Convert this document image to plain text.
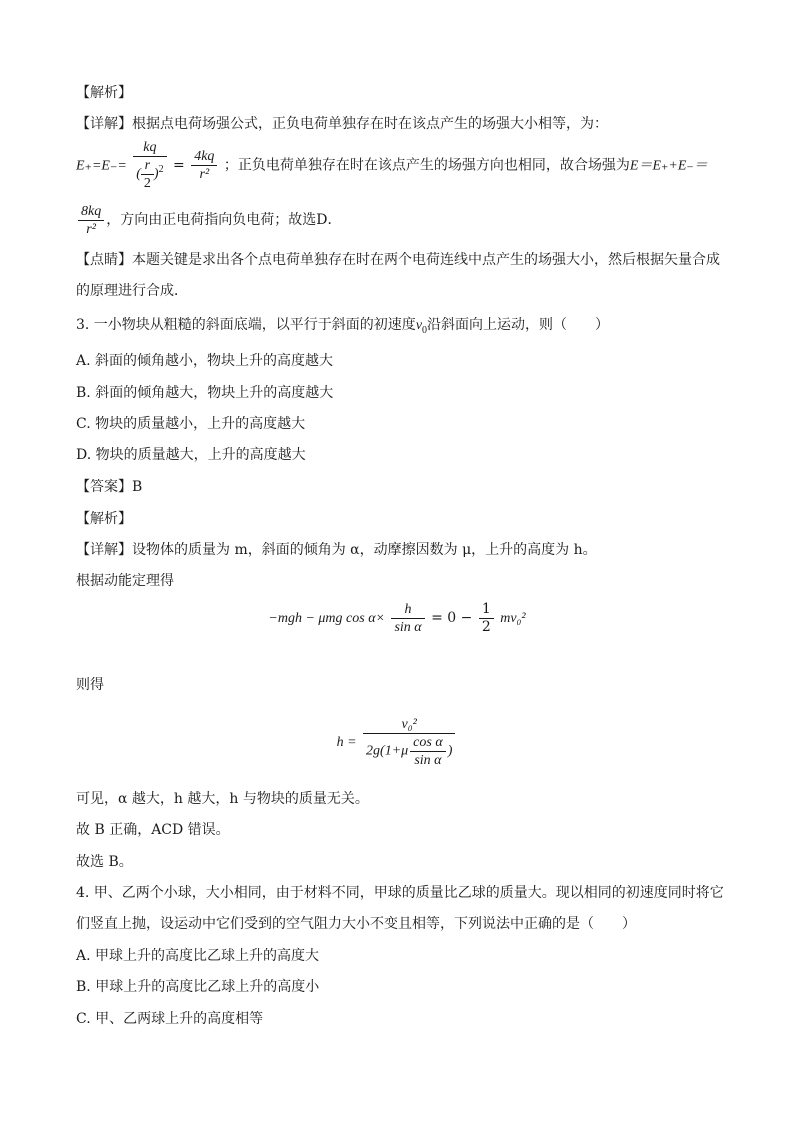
【解析】
【详解】根据点电荷场强公式，正负电荷单独存在时在该点产生的场强大小相等，为：
$E_+=E_-= \frac{kq}{( \frac{r}{2} )^2} = \frac{4kq}{\text{r²}}$ ；正负电荷单独存在时在该点产生的场强方向也相同，故合场强为E＝E₊+E₋＝
$\frac{8kq}{\text{r²}}$ ，方向由正电荷指向负电荷；故选D．
【点睛】本题关键是求出各个点电荷单独存在时在两个电荷连线中点产生的场强大小，然后根据矢量合成
的原理进行合成．
3. 一小物块从粗糙的斜面底端，以平行于斜面的初速度$v_0$沿斜面向上运动，则（　　）
A. 斜面的倾角越小，物块上升的高度越大
B. 斜面的倾角越大，物块上升的高度越大
C. 物块的质量越小，上升的高度越大
D. 物块的质量越大，上升的高度越大
【答案】B
【解析】
【详解】设物体的质量为 m，斜面的倾角为 α，动摩擦因数为 μ，上升的高度为 h。
根据动能定理得
−mgh − μmg $\cos \alpha\times \frac{h}{\text{sin α}} = 0 - \frac{1}{2} mv_0^2$
则得
$h = \frac{\text{v₀²}}{2g(1+\mu \frac{\text{cos α}}{\text{sin α}} )}$
可见，α 越大，h 越大，h 与物块的质量无关。
故 B 正确，ACD 错误。
故选 B。
4. 甲、乙两个小球，大小相同，由于材料不同，甲球的质量比乙球的质量大。现以相同的初速度同时将它
们竖直上抛，设运动中它们受到的空气阻力大小不变且相等，下列说法中正确的是（　　）
A. 甲球上升的高度比乙球上升的高度大
B. 甲球上升的高度比乙球上升的高度小
C. 甲、乙两球上升的高度相等
